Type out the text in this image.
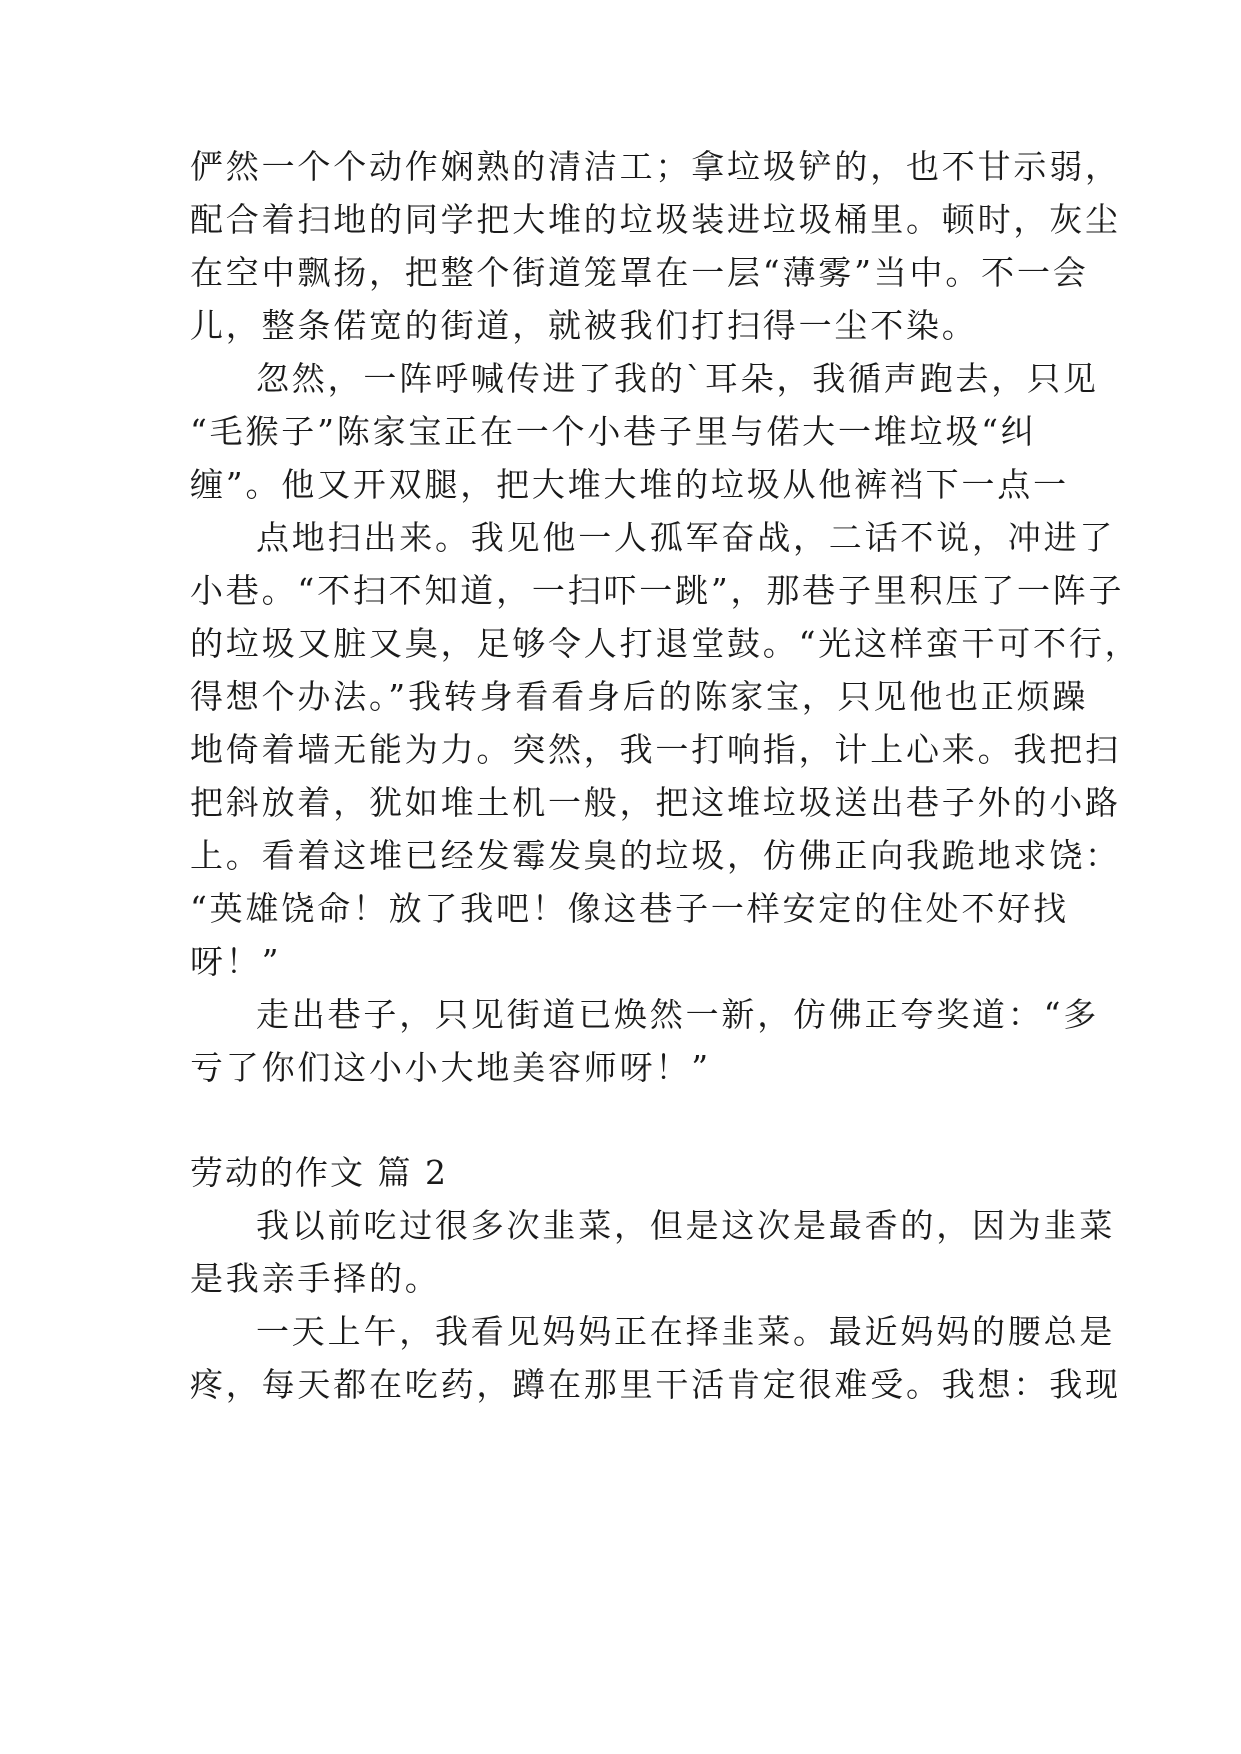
俨然一个个动作娴熟的清洁工；拿垃圾铲的，也不甘示弱，
配合着扫地的同学把大堆的垃圾装进垃圾桶里。顿时，灰尘
在空中飘扬，把整个街道笼罩在一层“薄雾”当中。不一会
儿，整条偌宽的街道，就被我们打扫得一尘不染。
忽然，一阵呼喊传进了我的`耳朵，我循声跑去，只见
“毛猴子”陈家宝正在一个小巷子里与偌大一堆垃圾“纠
缠”。他又开双腿，把大堆大堆的垃圾从他裤裆下一点一
点地扫出来。我见他一人孤军奋战，二话不说，冲进了
小巷。“不扫不知道，一扫吓一跳”，那巷子里积压了一阵子
的垃圾又脏又臭，足够令人打退堂鼓。“光这样蛮干可不行，
得想个办法。”我转身看看身后的陈家宝，只见他也正烦躁
地倚着墙无能为力。突然，我一打响指，计上心来。我把扫
把斜放着，犹如堆土机一般，把这堆垃圾送出巷子外的小路
上。看着这堆已经发霉发臭的垃圾，仿佛正向我跪地求饶：
“英雄饶命！放了我吧！像这巷子一样安定的住处不好找
呀！”
走出巷子，只见街道已焕然一新，仿佛正夸奖道：“多
亏了你们这小小大地美容师呀！”
劳动的作文 篇 2
我以前吃过很多次韭菜，但是这次是最香的，因为韭菜
是我亲手择的。
一天上午，我看见妈妈正在择韭菜。最近妈妈的腰总是
疼，每天都在吃药，蹲在那里干活肯定很难受。我想：我现
